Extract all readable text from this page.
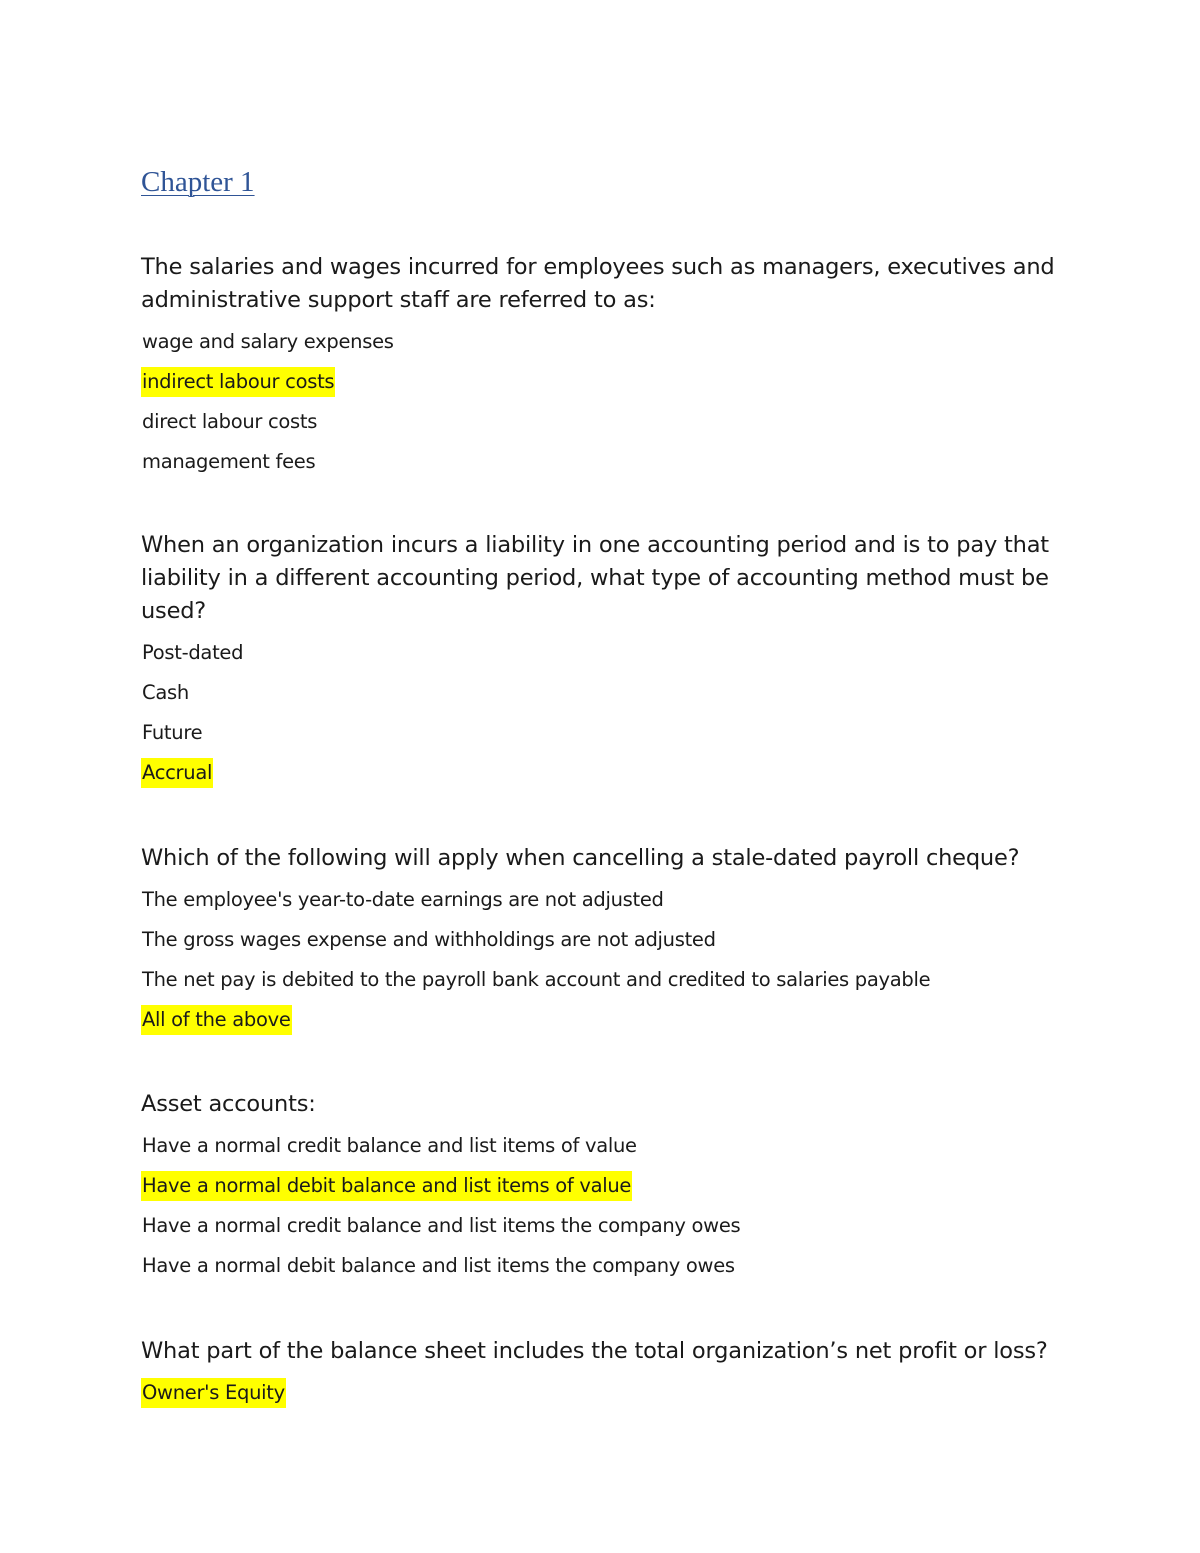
Chapter 1

The salaries and wages incurred for employees such as managers, executives and administrative support staff are referred to as:

wage and salary expenses
indirect labour costs
direct labour costs
management fees

When an organization incurs a liability in one accounting period and is to pay that liability in a different accounting period, what type of accounting method must be used?

Post-dated
Cash
Future
Accrual

Which of the following will apply when cancelling a stale-dated payroll cheque?

The employee's year-to-date earnings are not adjusted
The gross wages expense and withholdings are not adjusted
The net pay is debited to the payroll bank account and credited to salaries payable
All of the above

Asset accounts:

Have a normal credit balance and list items of value
Have a normal debit balance and list items of value
Have a normal credit balance and list items the company owes
Have a normal debit balance and list items the company owes

What part of the balance sheet includes the total organization’s net profit or loss?

Owner's Equity
